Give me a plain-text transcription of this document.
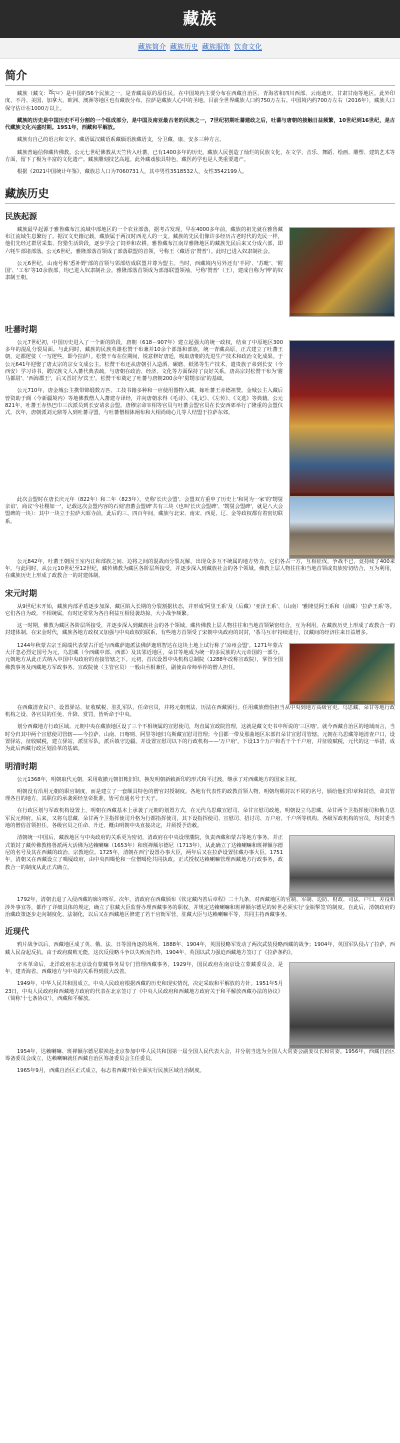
藏族
藏族简介 藏族历史 藏族服饰 饮食文化
简介

藏族（藏文：བོད་པ་）是中国的56个民族之一，是青藏高原的原住民。在中国境内主要分布在西藏自治区、青海省和四川西部、云南迪庆、甘肃甘南等地区。此外印度、不丹、美国、加拿大、欧洲、澳洲等地区也有藏族分布。拉萨是藏族人心中的圣地。目前全世界藏族人口约750万左右。中国境内约700万左右（2016年），藏族人口保守估计在1000万以上。

藏族的历史是中国历史不可分割的一个组成部分，是中国及南亚最古老的民族之一，7世纪初期吐蕃建政之后，吐蕃与唐朝的接触日益频繁，10世纪到16世纪，是古代藏族文化兴盛时期。1951年，西藏和平解放。

藏族有自己的语言和文字。藏语属汉藏语系藏缅语族藏语支，分卫藏、康、安多三种方言。

藏族普遍信仰藏传佛教。公元七世纪佛教从天竺传入吐蕃，已有1400多年的历史。藏族人民创造了灿烂的民族文化，在文学、音乐、舞蹈、绘画、雕塑、建筑艺术等方面，留下了极为丰富的文化遗产。藏族雕刻技艺高超。此外藏戏独具特色，藏医药学也是人类重要遗产。

根据《2021中国统计年鉴》，藏族总人口为7060731人，其中男性3518532人，女性3542199人。

藏族历史
民族起源

藏族最早起源于雅鲁藏布江流域中部地区的一个农业部落，据考古发现，早在4000多年前，藏族的祖先就在雅鲁藏布江流域生息繁衍了。据汉文史籍记载，藏族属于两汉时西羌人的一支。藏族的先民们像许多经历古老时代的先民一样，他们先经过群居采集、狩猎生活阶段，逐步学会了饲养和农耕。雅鲁藏布江南岸雅隆地区的藏族先民后来又分成六部，即六牦牛部诸部落。公元6世纪，雅隆部落首领成了部落联盟的首领，号称王（藏语音'赞普'）。此时已进入奴隶制社会。

公元6世纪，山南号称'悉补野'部的首领与邻部结成联盟并尊为盟主。当时，西藏境内另外还有'羊同'、'苏毗'、'附国'、'工布'等10余族部，均已进入奴隶制社会。雅隆部落首领成为部落联盟领袖，号称'赞普'（王），建成自称为'博'的奴隶制王朝。

吐蕃时期

公元7世纪初，中国历史进入了一个新的阶段，唐朝（618－907年）建立起强大的统一政权，结束了中原地区300多年的混乱分裂局面。与此同时，藏族的民族英雄松赞干布兼并10余个部落和部族，统一青藏高原，正式建立了吐蕃王朝，定都逻娑（一写逻些，即今拉萨）。松赞干布在位期间，锐意修好唐廷，吸取唐朝的先进生产技术和政治文化成果。于公元641年迎娶了唐太宗的宗女文成公主。松赞干布还从唐朝引入造酒、碾磨、纸墨等生产技术，遣贵族子弟到长安（今西安）学习诗书，聘汉族文人入蕃代典表疏，与唐朝在政治、经济、文化等方面保持了良好关系。唐高宗封松赞干布为'驸马都尉'、'西海郡王'，后又晋封为'宾王'。松赞干布奠定了吐蕃与唐朝200余年'舅甥亲谊'的基础。

公元710年，唐金城公主携带锦缎数万匹、工技书籍多种和一应使用器物入藏，嫁吐蕃王赤德祖赞。金城公主入藏后曾资助于阗（今新疆境内）等地佛教僧人入蕃建寺译经，并向唐朝求得《毛诗》、《礼记》、《左传》、《文选》等典籍。公元821年，吐蕃王赤热巴巾三次派员到长安请求会盟。唐穆宗命宰相等官员与吐蕃会盟官员在长安西郊举行了隆重的会盟仪式。次年，唐朝派刘元鼎等入到吐蕃寻盟，与吐蕃僧相钵阐布和大相尚绮心儿等人结盟于拉萨东郊。

此次会盟时在唐长庆元年（822年）和二年（823年），史称'长庆会盟'。会盟双方重申了历史上'和同为一家'的'甥舅亲谊'，商议'今社稷如一'，记载这次会盟内容的石刻'唐蕃会盟碑'共有三块（也叫'长庆会盟碑'、'甥舅会盟碑'，就是八大会盟碑的一块）：其中一块立于拉萨大昭寺前，此后的三、四百年间，藏族与北宋、南宋、西夏、辽、金等政权都有着密切联系。

公元842年，吐蕃王朝因王室内讧和部族之间、边将之间的混战而分裂瓦解，出现众多互不统属的地方势力。它们各占一方，互相征伐，争战不已，竟持续了400来年。与此同时，从公元10世纪至12世纪，藏传佛教为藏区各阶层所接受，并逐步深入到藏族社会的各个领域。佛教上层人物往往和当地首领或贵族密切结合，互为利用，在藏族历史上形成了政教合一的封建体制。

宋元时期

从9世纪末开始，藏族内部矛盾逐步加深，藏区陷入长期的分裂割据状态，并形成'阿里王系'及（后藏）'亚泽王系'、（山南）'雅隆觉阿王系和（前藏）'拉萨王系'等。它们各自为政，不相统属，有时还常常为各自利益互相侵袭劫掠，大小战争频繁。

这一时期，佛教为藏区各阶层所接受，并逐步深入到藏族社会的各个领域。藏传佛教上层人物往往和当地首领紧密结合，互为利用，在藏族历史上形成了政教合一的封建体制。在宋金时代，藏族各地方政权又加强与中央政权的联系，有些地方首领受了宋朝中央政府的封封，'茶马互市'持续进行，汉藏间的经济往来日益增多。

1244年秋蒙古宗王阔端代表蒙古汗廷与西藏萨迦派法佛萨迦班智达在这块土地上试行称了'凉州会盟'。1271年蒙古大汗忽必烈定国号为元，乌思藏（今西藏中部、西部）及其邻近地区，朵甘等地成为统一的多民族的大元帝国的一部分。元朝地方从此正式纳入中国中央政府的直接管辖之下。元初，首次设置中央机构总制院（1288年改称宣政院），掌管全国佛教事务及西藏地方军政事务。宣政院使（主管官员）一般由丞相兼任，副使由帝师举荐的僧人担任。

在西藏清查民户、设置驿站、征收赋税、驻扎军队、任命官员，并将元朝刑法、历法在西藏颁行。任用藏族僧俗担当从中央到地方高级官吏。乌思藏、朵甘等地行政机构之设、各官员的任免、升降、赏罚，皆听命于中央。

划分西藏地方行政区域。元朝中央在藏族地区设了三个不相统属的宣慰使司，均直属宣政院管理，这就是藏文史书中所说的'三区喀'。就今西藏自治区的地域而言，当时分归其中两个宣慰使司管辖——今拉萨、山南、日喀则、阿里等地归乌斯藏宣慰司管理；今昌都一带及那曲地区东部归朵甘宣慰司管辖。元朝在乌思藏等地清查户口，设置驿站，征收赋税，建立驿站，派驻军队，派兵镇守边疆。并设置宣慰司以下的行政机构——'万户府'，下设13个万户和若干个千户府，并征收赋税，元代的这一举措，成为此后西藏行政区划沿革的基础。

明清时期

公元1368年，明朝取代元朝，采用收撤元朝旧帐旧印，换发明朝新敕新印的形式和平过渡，继承了对西藏地方的国家主权。

明朝没有沿用元朝的职官制度，而是建立了一套颇具特色的僧官封授制度。各地有代表性的政教首领人物，明朝均赐封以不同的名号，颁给他们印章和封诰，命其管理各自的地方，其职位的承袭须经皇帝批准，皆可直通名号于天子。

在行政区划与军政机构设置上，明朝在西藏基本上承袭了元朝的划置方式，在元代乌思藏宣慰司、朵甘宣慰司政地，明朝设立乌思藏、朵甘两个卫指挥使司和俄力思军民元帅府。后来，又将乌思藏、朵甘两个卫指挥使司升格为行都指挥使司，其下设指挥使司、宣慰司、招讨司、万户府、千户所等机构。各级军政机构的官员，均封委当地的僧俗首领担任。各级官员之任命、升迁、概由明朝中央直接决定，并须授予诰敕。

清朝统一中国后，藏族地区与中央政府的关系更为密切，清政府在中央设理藩院，负责西藏和蒙古等地方事务。并正式策封了藏传佛教格鲁派两大活佛为达赖喇嘛（1653年）和班禅额尔德尼（1713年），从此确立了达赖喇嘛和班禅额尔德尼的名号及其在西藏的政治、宗教地位。1725年，清朝在西宁设置办事大臣，两年后又在拉萨设置驻藏办事大臣。1751年，清朝又在西藏设立了噶厦政府，由中央四噶伦和一位僧噶伦共同执政。正式授权达赖喇嘛管理西藏地方行政事务，政教合一的制度从此正式确立。

1792年，清朝击退了入侵西藏的廓尔喀军。次年，清政府在西藏颁布《钦定藏内善后章程》二十九条，对西藏地区的官制、军制、边防、财政、司法、户口、差役和涉外事宜等，都作了详细具体的规定，确立了驻藏大臣监督办理西藏事务的职权，并规定达赖喇嘛和班禅额尔德尼的转世必须实行'金瓶掣签'的制度。自此后，清朝政府的治藏政策逐步走向制度化、法制化，以后又在西藏地区修建了若干官衙军营，驻藏大臣与达赖喇嘛平等，共同主持西藏事务。

近现代

鸦片战争以后，西藏地区成了英、俄、法、日等国角逐的场所。1888年、1904年，英国侵略军发动了两次武装侵略西藏的战争；1904年，英国军队侵占了拉萨，西藏人民奋起反抗。由于政府腐败无能，这次反侵略斗争以失败而告终，1904年，英国以武力强迫西藏地方签订了《拉萨条约》。

辛亥革命后，北洋政府在北京设有蒙藏事务局专门管理西藏事务，1929年，国民政府在南京设立蒙藏委员会，是年，建青海省。西藏地方与中央的关系得到很大改善。

1949年，中华人民共和国成立。中央人民政府根据西藏的历史和现实情况，决定采取和平解放的方针。1951年5月23日，中央人民政府和西藏地方政府的代表在北京签订了《中央人民政府和西藏地方政府关于和平解放西藏办法的协议》（简称'十七条协议'），西藏和平解放。

1954年，达赖喇嘛、班禅额尔德尼联袂赴北京参加中华人民共和国第一届全国人民代表大会，并分别当选为全国人大常委会副委员长和常委。1956年，西藏自治区筹备委员会成立，达赖喇嘛就任西藏自治区筹备委员会主任委员。

1965年9月，西藏自治区正式成立，标志着西藏开始全面实行民族区域自治制度。
